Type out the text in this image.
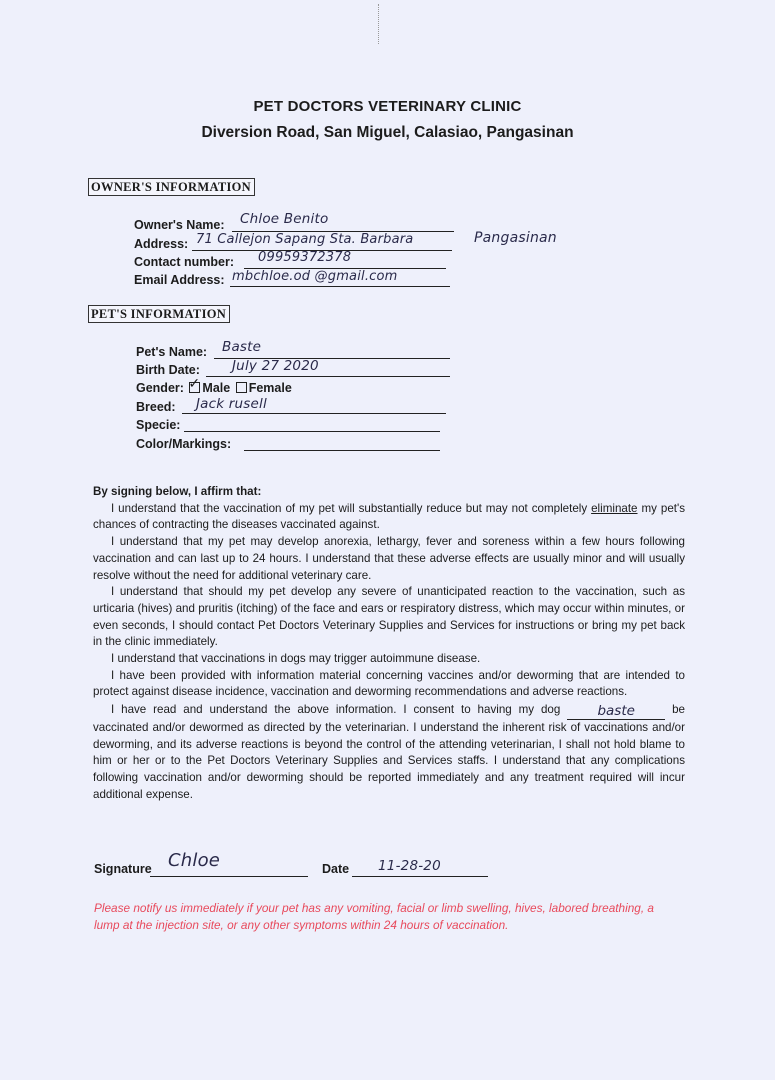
PET DOCTORS VETERINARY CLINIC
Diversion Road, San Miguel, Calasiao, Pangasinan
OWNER'S INFORMATION
Owner's Name: Chloe Benito
Address: 71 Callejon Sapang Sta. Barbara	Pangasinan
Contact number: 09959372378
Email Address: mbchloe.od @gmail.com
PET'S INFORMATION
Pet's Name: Baste
Birth Date: July 27 2020
Gender: ✓ Male Female
Breed: Jack rusell
Specie:
Color/Markings:

By signing below, I affirm that:

I understand that the vaccination of my pet will substantially reduce but may not completely eliminate my pet's chances of contracting the diseases vaccinated against.

I understand that my pet may develop anorexia, lethargy, fever and soreness within a few hours following vaccination and can last up to 24 hours. I understand that these adverse effects are usually minor and will usually resolve without the need for additional veterinary care.

I understand that should my pet develop any severe of unanticipated reaction to the vaccination, such as urticaria (hives) and pruritis (itching) of the face and ears or respiratory distress, which may occur within minutes, or even seconds, I should contact Pet Doctors Veterinary Supplies and Services for instructions or bring my pet back in the clinic immediately.

I understand that vaccinations in dogs may trigger autoimmune disease.

I have been provided with information material concerning vaccines and/or deworming that are intended to protect against disease incidence, vaccination and deworming recommendations and adverse reactions.

I have read and understand the above information. I consent to having my dog baste	be vaccinated and/or dewormed as directed by the veterinarian. I understand the inherent risk of vaccinations and/or deworming, and its adverse reactions is beyond the control of the attending veterinarian, I shall not hold blame to him or her or to the Pet Doctors Veterinary Supplies and Services staffs. I understand that any complications following vaccination and/or deworming should be reported immediately and any treatment required will incur additional expense.

Signature Chloe	Date 11-28-20
Please notify us immediately if your pet has any vomiting, facial or limb swelling, hives, labored breathing, a lump at the injection site, or any other symptoms within 24 hours of vaccination.
